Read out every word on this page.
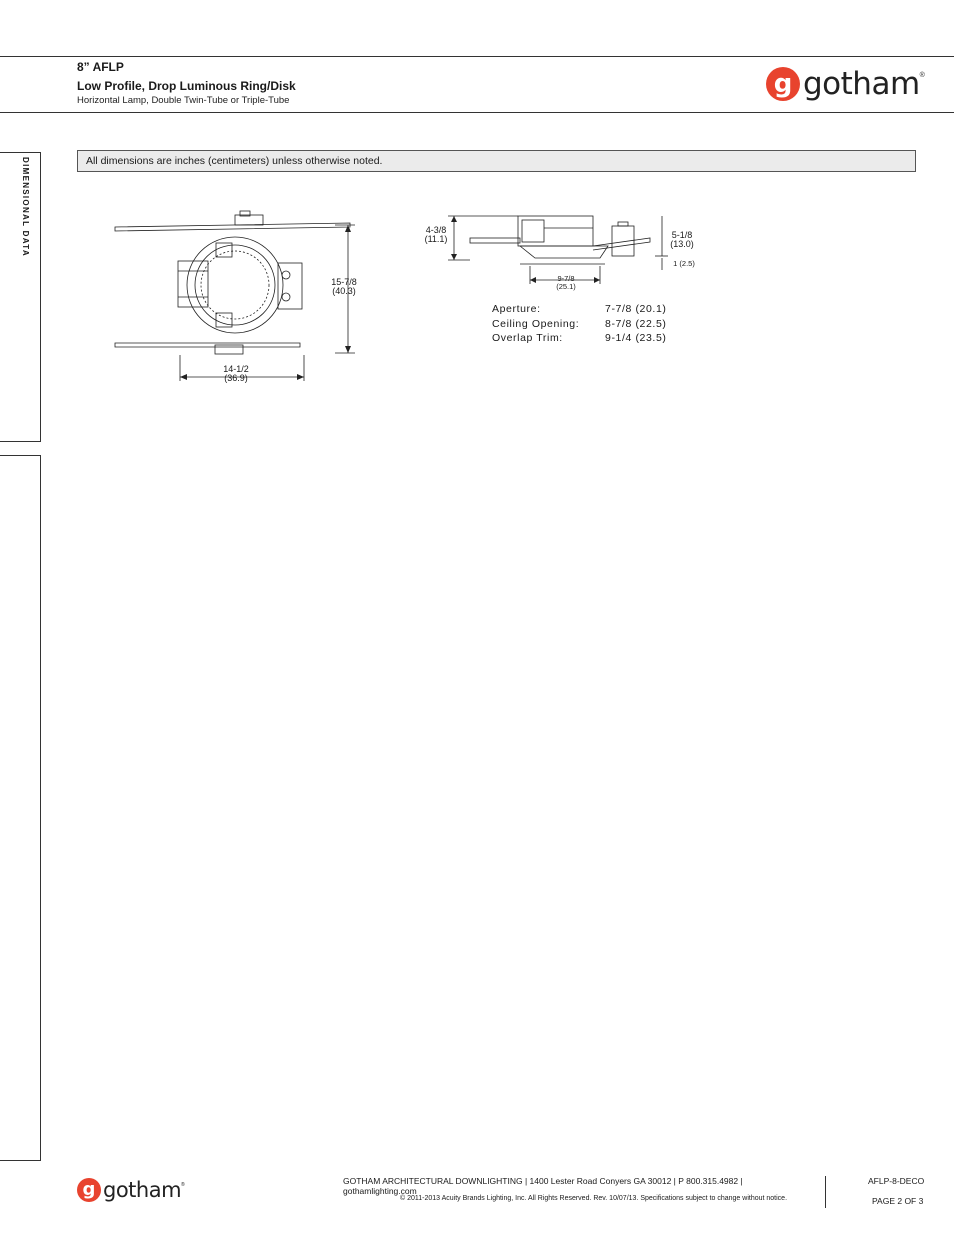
8” AFLP
Low Profile, Drop Luminous Ring/Disk
Horizontal Lamp, Double Twin-Tube or Triple-Tube
g gotham ®
DIMENSIONAL DATA	All dimensions are inches (centimeters) unless otherwise noted.
15-7/8
(40.3)
14-1/2
(36.9)
4-3/8
(11.1)	5-1/8
(13.0)
1 (2.5)
9-7/8
(25.1)
Aperture:	7-7/8 (20.1)
Ceiling Opening:	8-7/8 (22.5)
Overlap Trim:	9-1/4 (23.5)
g gotham ®	GOTHAM ARCHITECTURAL DOWNLIGHTING | 1400 Lester Road Conyers GA 30012 | P 800.315.4982 | gothamlighting.com
© 2011-2013 Acuity Brands Lighting, Inc. All Rights Reserved. Rev. 10/07/13. Specifications subject to change without notice.
AFLP-8-DECO
PAGE 2 OF 3
